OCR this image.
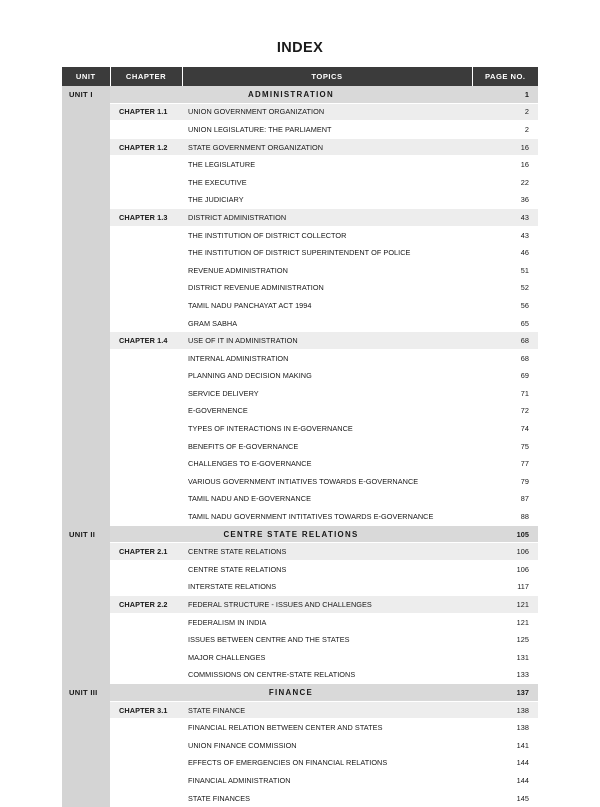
INDEX
UNIT	CHAPTER	TOPICS	PAGE NO.
UNIT I	ADMINISTRATION		1
	CHAPTER 1.1	UNION GOVERNMENT ORGANIZATION	2
		UNION LEGISLATURE: THE PARLIAMENT	2
	CHAPTER 1.2	STATE GOVERNMENT ORGANIZATION	16
		THE LEGISLATURE	16
		THE EXECUTIVE	22
		THE JUDICIARY	36
	CHAPTER 1.3	DISTRICT ADMINISTRATION	43
		THE INSTITUTION OF DISTRICT COLLECTOR	43
		THE INSTITUTION OF DISTRICT SUPERINTENDENT OF POLICE	46
		REVENUE ADMINISTRATION	51
		DISTRICT REVENUE ADMINISTRATION	52
		TAMIL NADU PANCHAYAT ACT 1994	56
		GRAM SABHA	65
	CHAPTER 1.4	USE OF IT IN ADMINISTRATION	68
		INTERNAL ADMINISTRATION	68
		PLANNING AND DECISION MAKING	69
		SERVICE DELIVERY	71
		E-GOVERNENCE	72
		TYPES OF INTERACTIONS IN E-GOVERNANCE	74
		BENEFITS OF E-GOVERNANCE	75
		CHALLENGES TO E-GOVERNANCE	77
		VARIOUS GOVERNMENT INTIATIVES TOWARDS E-GOVERNANCE	79
		TAMIL NADU AND E-GOVERNANCE	87
		TAMIL NADU GOVERNMENT INTITATIVES TOWARDS E-GOVERNANCE	88
UNIT II	CENTRE STATE RELATIONS		105
	CHAPTER 2.1	CENTRE STATE RELATIONS	106
		CENTRE STATE RELATIONS	106
		INTERSTATE RELATIONS	117
	CHAPTER 2.2	FEDERAL STRUCTURE - ISSUES AND CHALLENGES	121
		FEDERALISM IN INDIA	121
		ISSUES BETWEEN CENTRE AND THE STATES	125
		MAJOR CHALLENGES	131
		COMMISSIONS ON CENTRE-STATE RELATIONS	133
UNIT III	FINANCE		137
	CHAPTER 3.1	STATE FINANCE	138
		FINANCIAL RELATION BETWEEN CENTER AND STATES	138
		UNION FINANCE COMMISSION	141
		EFFECTS OF EMERGENCIES ON FINANCIAL RELATIONS	144
		FINANCIAL ADMINISTRATION	144
		STATE FINANCES	145
